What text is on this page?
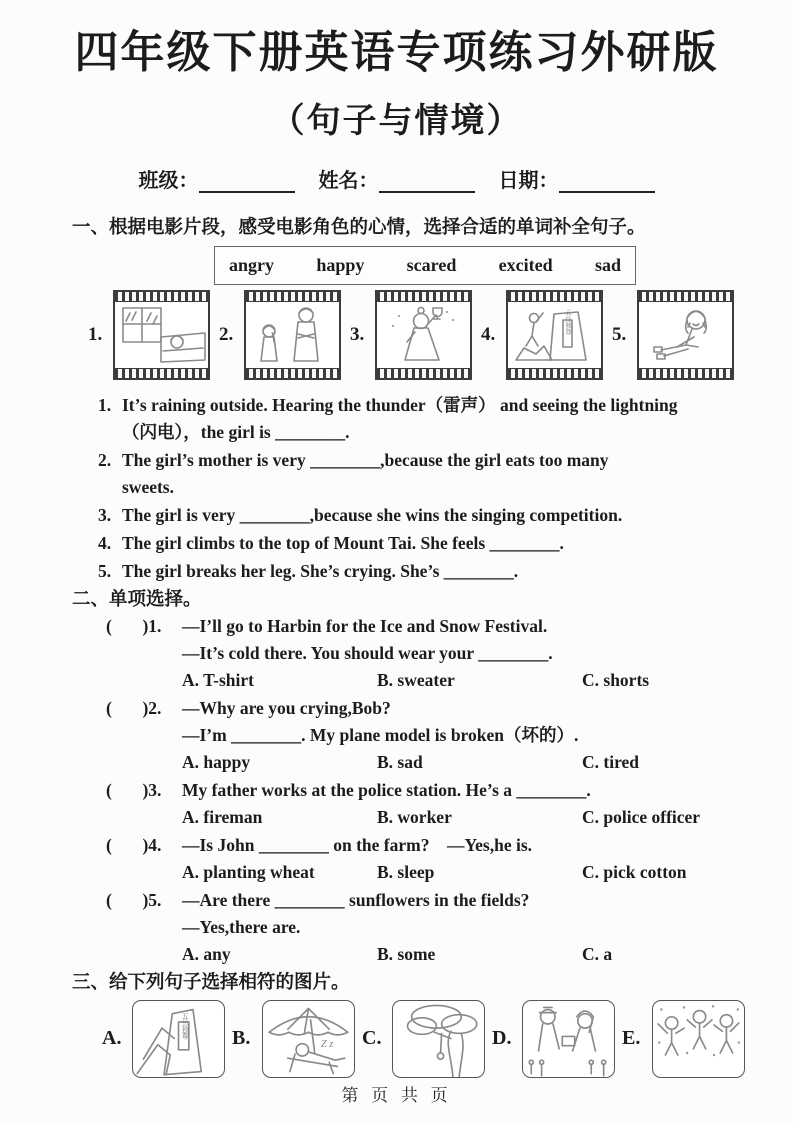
四年级下册英语专项练习外研版
（句子与情境）
班级：	姓名：	日期：
一、根据电影片段，感受电影角色的心情，选择合适的单词补全句子。
angry happy scared excited sad
1.	2.	3.	4.	五岳独尊 5.
1. It’s raining outside. Hearing the thunder（雷声） and seeing the lightning
（闪电），the girl is ________.
2. The girl’s mother is very ________,because the girl eats too many
sweets.
3. The girl is very ________,because she wins the singing competition.
4. The girl climbs to the top of Mount Tai. She feels ________.
5. The girl breaks her leg. She’s crying. She’s ________.
二、单项选择。
(       )1.	—I’ll go to Harbin for the Ice and Snow Festival.
—It’s cold there. You should wear your ________.
A. T-shirt	B. sweater	C. shorts
(       )2.	—Why are you crying,Bob?
—I’m ________. My plane model is broken（坏的）.
A. happy	B. sad	C. tired
(       )3.	My father works at the police station. He’s a ________.
A. fireman	B. worker	C. police officer
(       )4.	—Is John ________ on the farm?    —Yes,he is.
A. planting wheat	B. sleep	C. pick cotton
(       )5.	—Are there ________ sunflowers in the fields?
—Yes,there are.
A. any	B. some	C. a
三、给下列句子选择相符的图片。
A.	五岳独尊 B.	Z z C.	D.	E.
第 页 共 页
